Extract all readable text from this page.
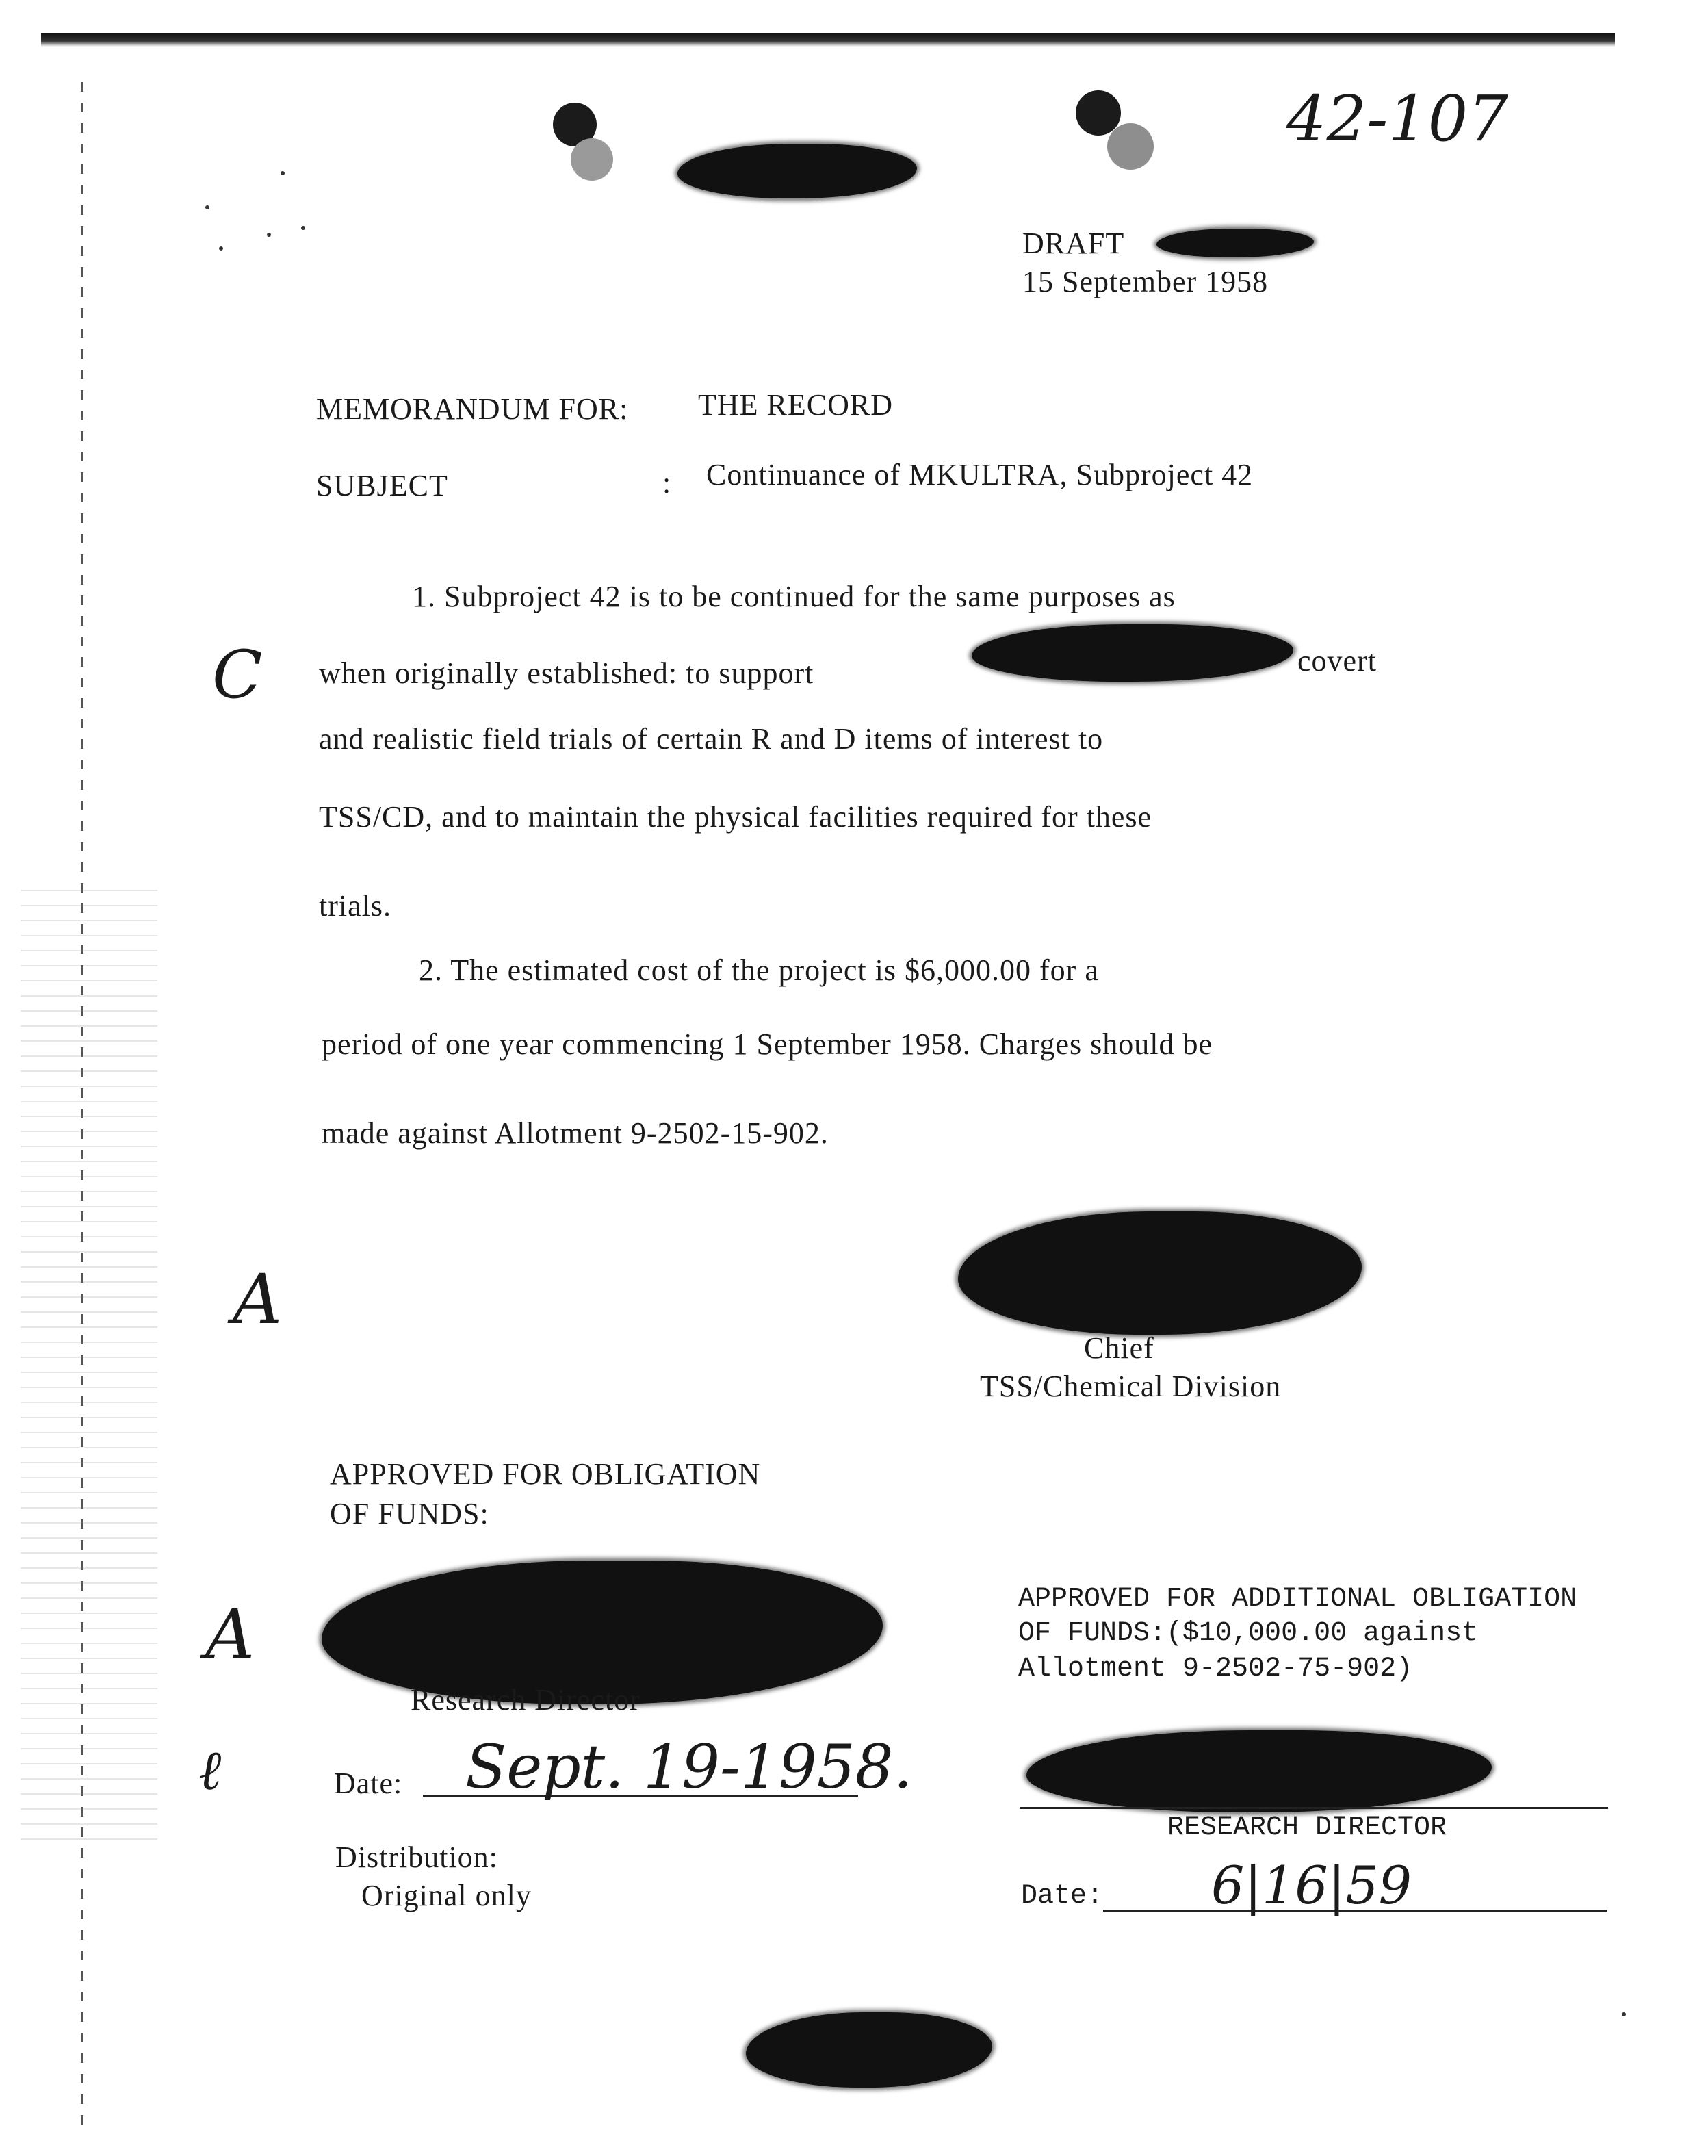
42-107
DRAFT
15 September 1958
MEMORANDUM FOR: THE RECORD
SUBJECT	: Continuance of MKULTRA, Subproject 42
1. Subproject 42 is to be continued for the same purposes as
C when originally established: to support	covert
and realistic field trials of certain R and D items of interest to
TSS/CD, and to maintain the physical facilities required for these
trials.
2. The estimated cost of the project is $6,000.00 for a
period of one year commencing 1 September 1958. Charges should be
made against Allotment 9-2502-15-902.
A
Chief
TSS/Chemical Division
APPROVED FOR OBLIGATION
OF FUNDS:
A
Research Director
ℓ	Date: Sept. 19-1958.
Distribution:
Original only
APPROVED FOR ADDITIONAL OBLIGATION
OF FUNDS:($10,000.00 against
Allotment 9-2502-75-902)
RESEARCH DIRECTOR
Date: 6|16|59
